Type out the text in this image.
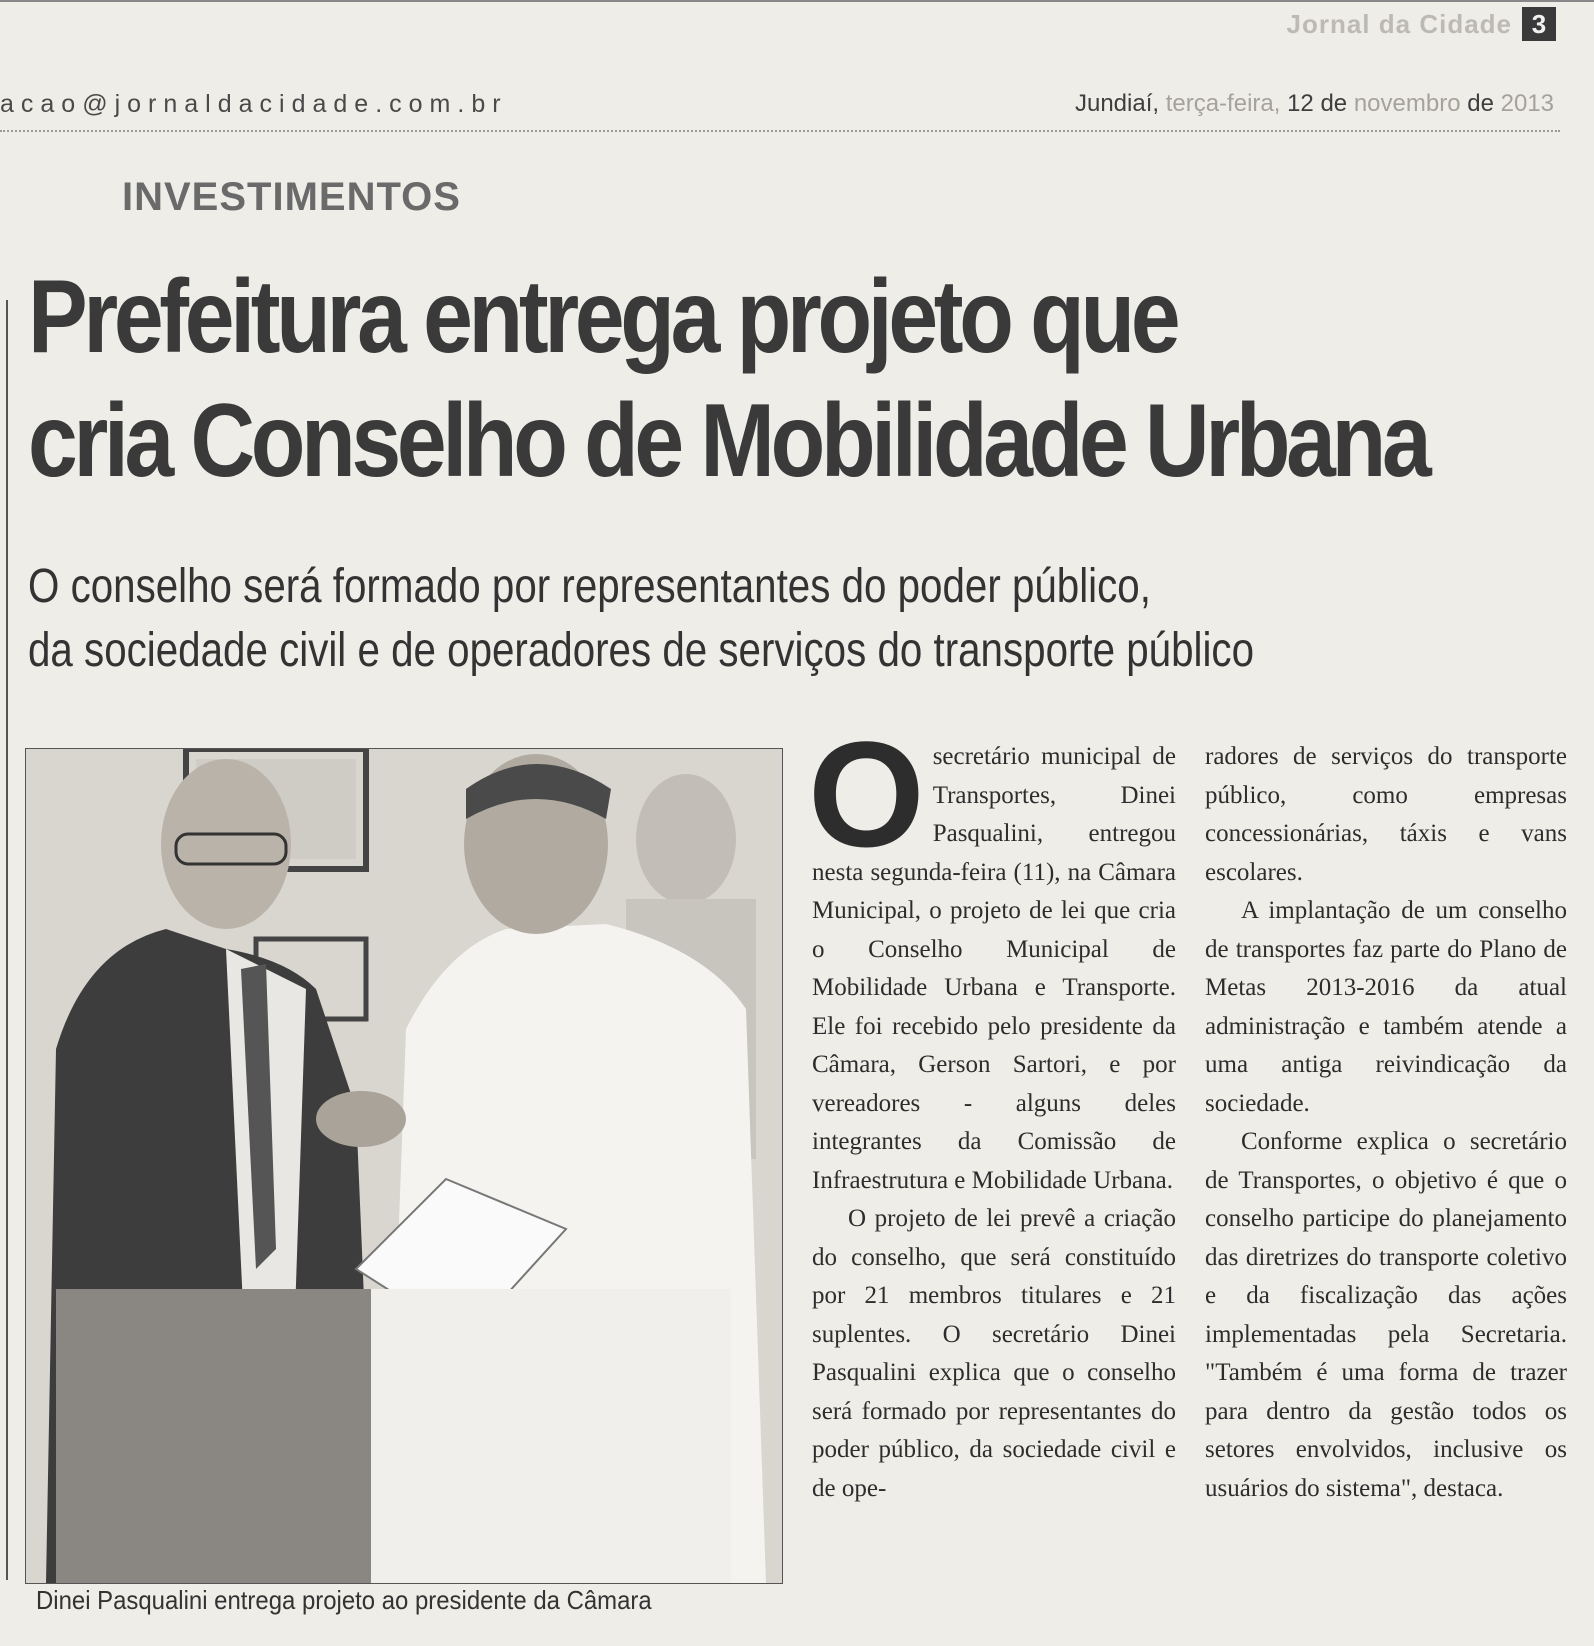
Jornal da Cidade 3
acao@jornaldacidade.com.br	Jundiaí, terça-feira, 12 de novembro de 2013
INVESTIMENTOS
Prefeitura entrega projeto que
cria Conselho de Mobilidade Urbana
O conselho será formado por representantes do poder público,
da sociedade civil e de operadores de serviços do transporte público
Dinei Pasqualini entrega projeto ao presidente da Câmara
O secretário municipal de Transportes, Dinei Pasqualini, entregou nesta segunda-feira (11), na Câmara Municipal, o projeto de lei que cria o Conselho Municipal de Mobilidade Urbana e Transporte. Ele foi recebido pelo presidente da Câmara, Gerson Sartori, e por vereadores - alguns deles integrantes da Comissão de Infraestrutura e Mobilidade Urbana.

O projeto de lei prevê a criação do conselho, que será constituído por 21 membros titulares e 21 suplentes. O secretário Dinei Pasqualini explica que o conselho será formado por representantes do poder público, da sociedade civil e de ope-

radores de serviços do transporte público, como empresas concessionárias, táxis e vans escolares.

A implantação de um conselho de transportes faz parte do Plano de Metas 2013-2016 da atual administração e também atende a uma antiga reivindicação da sociedade.

Conforme explica o secretário de Transportes, o objetivo é que o conselho participe do planejamento das diretrizes do transporte coletivo e da fiscalização das ações implementadas pela Secretaria. "Também é uma forma de trazer para dentro da gestão todos os setores envolvidos, inclusive os usuários do sistema", destaca.
